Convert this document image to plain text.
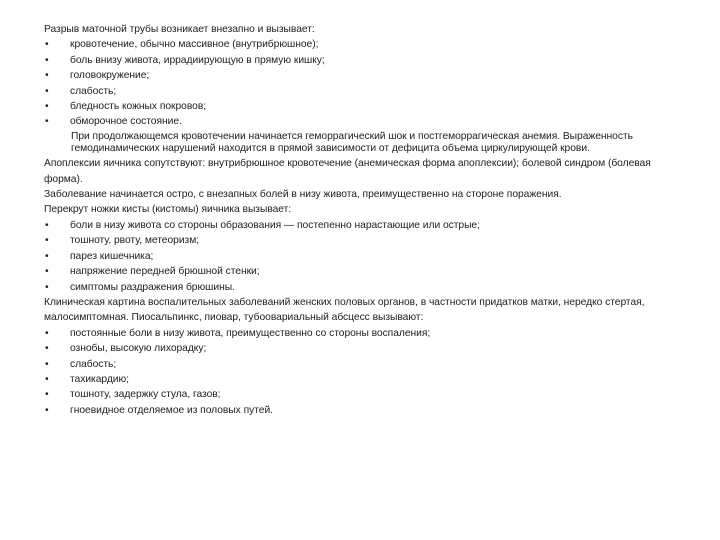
Разрыв маточной трубы возникает внезапно и вызывает:

• кровотечение, обычно массивное (внутрибрюшное);

• боль внизу живота, иррадиирующую в прямую кишку;

• головокружение;

• слабость;

• бледность кожных покровов;

• обморочное состояние.

При продолжающемся кровотечении начинается геморрагический шок и постгеморрагическая анемия. Выраженность гемодинамических нарушений находится в прямой зависимости от дефицита объема циркулирующей крови.

Апоплексии яичника сопутствуют: внутрибрюшное кровотечение (анемическая форма апоплексии); болевой синдром (болевая форма).

Заболевание начинается остро, с внезапных болей в низу живота, преимущественно на стороне поражения.

Перекрут ножки кисты (кистомы) яичника вызывает:

• боли в низу живота со стороны образования — постепенно нарастающие или острые;

• тошноту, рвоту, метеоризм;

• парез кишечника;

• напряжение передней брюшной стенки;

• симптомы раздражения брюшины.

Клиническая картина воспалительных заболеваний женских половых органов, в частности придатков матки, нередко стертая, малосимптомная. Пиосальпинкс, пиовар, тубоовариальный абсцесс вызывают:

• постоянные боли в низу живота, преимущественно со стороны воспаления;

• ознобы, высокую лихорадку;

• слабость;

• тахикардию;

• тошноту, задержку стула, газов;

• гноевидное отделяемое из половых путей.
